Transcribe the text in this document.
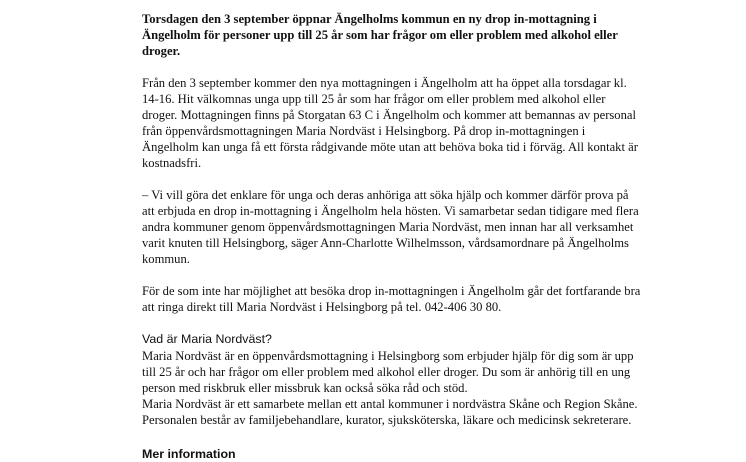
Torsdagen den 3 september öppnar Ängelholms kommun en ny drop in-mottagning i Ängelholm för personer upp till 25 år som har frågor om eller problem med alkohol eller droger.

Från den 3 september kommer den nya mottagningen i Ängelholm att ha öppet alla torsdagar kl. 14-16. Hit välkomnas unga upp till 25 år som har frågor om eller problem med alkohol eller droger. Mottagningen finns på Storgatan 63 C i Ängelholm och kommer att bemannas av personal från öppenvårdsmottagningen Maria Nordväst i Helsingborg. På drop in-mottagningen i Ängelholm kan unga få ett första rådgivande möte utan att behöva boka tid i förväg. All kontakt är kostnadsfri.

– Vi vill göra det enklare för unga och deras anhöriga att söka hjälp och kommer därför prova på att erbjuda en drop in-mottagning i Ängelholm hela hösten. Vi samarbetar sedan tidigare med flera andra kommuner genom öppenvårdsmottagningen Maria Nordväst, men innan har all verksamhet varit knuten till Helsingborg, säger Ann-Charlotte Wilhelmsson, vårdsamordnare på Ängelholms kommun.

För de som inte har möjlighet att besöka drop in-mottagningen i Ängelholm går det fortfarande bra att ringa direkt till Maria Nordväst i Helsingborg på tel. 042-406 30 80.

Vad är Maria Nordväst?

Maria Nordväst är en öppenvårdsmottagning i Helsingborg som erbjuder hjälp för dig som är upp till 25 år och har frågor om eller problem med alkohol eller droger. Du som är anhörig till en ung person med riskbruk eller missbruk kan också söka råd och stöd.

Maria Nordväst är ett samarbete mellan ett antal kommuner i nordvästra Skåne och Region Skåne. Personalen består av familjebehandlare, kurator, sjuksköterska, läkare och medicinsk sekreterare.

Mer information
